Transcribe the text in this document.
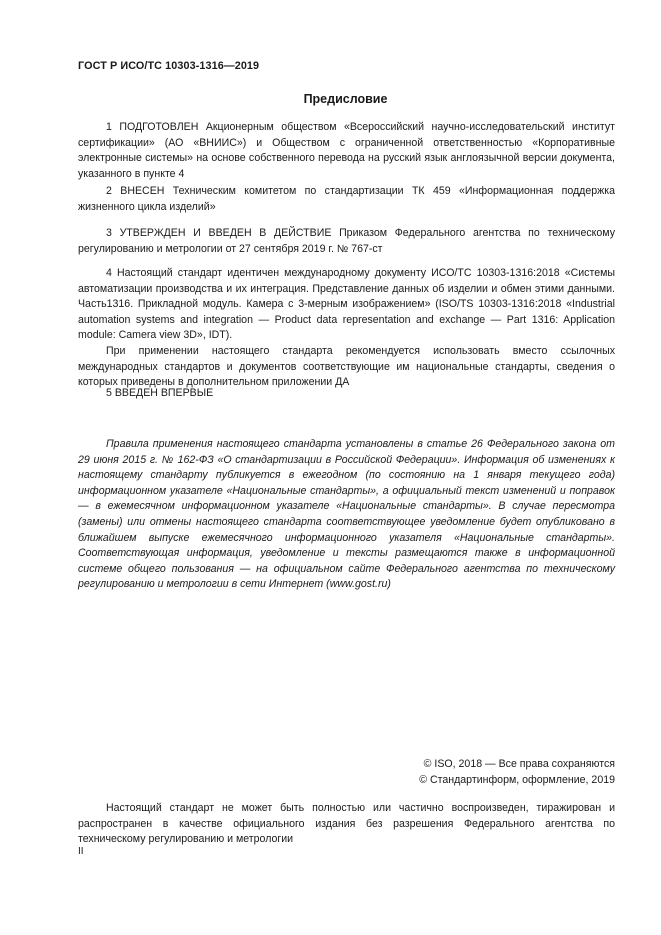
ГОСТ Р ИСО/ТС 10303-1316—2019
Предисловие

1 ПОДГОТОВЛЕН Акционерным обществом «Всероссийский научно-исследовательский институт сертификации» (АО «ВНИИС») и Обществом с ограниченной ответственностью «Корпоративные электронные системы» на основе собственного перевода на русский язык англоязычной версии документа, указанного в пункте 4

2 ВНЕСЕН Техническим комитетом по стандартизации ТК 459 «Информационная поддержка жизненного цикла изделий»

3 УТВЕРЖДЕН И ВВЕДЕН В ДЕЙСТВИЕ Приказом Федерального агентства по техническому регулированию и метрологии от 27 сентября 2019 г. № 767-ст

4 Настоящий стандарт идентичен международному документу ИСО/ТС 10303-1316:2018 «Системы автоматизации производства и их интеграция. Представление данных об изделии и обмен этими данными. Часть1316. Прикладной модуль. Камера с 3-мерным изображением» (ISO/TS 10303-1316:2018 «Industrial automation systems and integration — Product data representation and exchange — Part 1316: Application module: Camera view 3D», IDT).

При применении настоящего стандарта рекомендуется использовать вместо ссылочных международных стандартов и документов соответствующие им национальные стандарты, сведения о которых приведены в дополнительном приложении ДА

5 ВВЕДЕН ВПЕРВЫЕ

Правила применения настоящего стандарта установлены в статье 26 Федерального закона от 29 июня 2015 г. № 162-ФЗ «О стандартизации в Российской Федерации». Информация об изменениях к настоящему стандарту публикуется в ежегодном (по состоянию на 1 января текущего года) информационном указателе «Национальные стандарты», а официальный текст изменений и поправок — в ежемесячном информационном указателе «Национальные стандарты». В случае пересмотра (замены) или отмены настоящего стандарта соответствующее уведомление будет опубликовано в ближайшем выпуске ежемесячного информационного указателя «Национальные стандарты». Соответствующая информация, уведомление и тексты размещаются также в информационной системе общего пользования — на официальном сайте Федерального агентства по техническому регулированию и метрологии в сети Интернет (www.gost.ru)

© ISO, 2018 — Все права сохраняются
© Стандартинформ, оформление, 2019

Настоящий стандарт не может быть полностью или частично воспроизведен, тиражирован и распространен в качестве официального издания без разрешения Федерального агентства по техническому регулированию и метрологии

II
